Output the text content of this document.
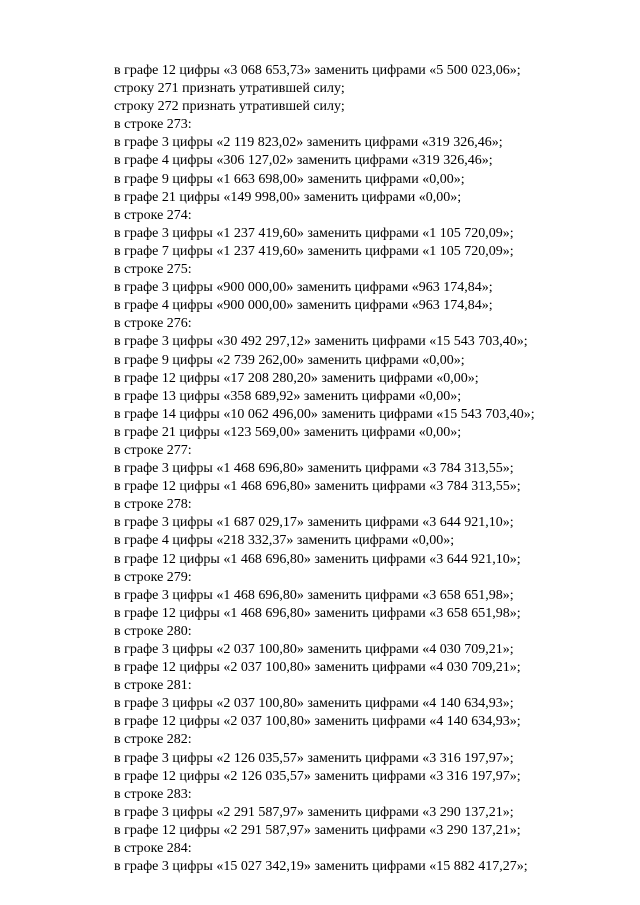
в графе 12 цифры «3 068 653,73» заменить цифрами «5 500 023,06»;
строку 271 признать утратившей силу;
строку 272 признать утратившей силу;
в строке 273:
в графе 3 цифры «2 119 823,02» заменить цифрами «319 326,46»;
в графе 4 цифры «306 127,02» заменить цифрами «319 326,46»;
в графе 9 цифры «1 663 698,00» заменить цифрами «0,00»;
в графе 21 цифры «149 998,00» заменить цифрами «0,00»;
в строке 274:
в графе 3 цифры «1 237 419,60» заменить цифрами «1 105 720,09»;
в графе 7 цифры «1 237 419,60» заменить цифрами «1 105 720,09»;
в строке 275:
в графе 3 цифры «900 000,00» заменить цифрами «963 174,84»;
в графе 4 цифры «900 000,00» заменить цифрами «963 174,84»;
в строке 276:
в графе 3 цифры «30 492 297,12» заменить цифрами «15 543 703,40»;
в графе 9 цифры «2 739 262,00» заменить цифрами «0,00»;
в графе 12 цифры «17 208 280,20» заменить цифрами «0,00»;
в графе 13 цифры «358 689,92» заменить цифрами «0,00»;
в графе 14 цифры «10 062 496,00» заменить цифрами «15 543 703,40»;
в графе 21 цифры «123 569,00» заменить цифрами «0,00»;
в строке 277:
в графе 3 цифры «1 468 696,80» заменить цифрами «3 784 313,55»;
в графе 12 цифры «1 468 696,80» заменить цифрами «3 784 313,55»;
в строке 278:
в графе 3 цифры «1 687 029,17» заменить цифрами «3 644 921,10»;
в графе 4 цифры «218 332,37» заменить цифрами «0,00»;
в графе 12 цифры «1 468 696,80» заменить цифрами «3 644 921,10»;
в строке 279:
в графе 3 цифры «1 468 696,80» заменить цифрами «3 658 651,98»;
в графе 12 цифры «1 468 696,80» заменить цифрами «3 658 651,98»;
в строке 280:
в графе 3 цифры «2 037 100,80» заменить цифрами «4 030 709,21»;
в графе 12 цифры «2 037 100,80» заменить цифрами «4 030 709,21»;
в строке 281:
в графе 3 цифры «2 037 100,80» заменить цифрами «4 140 634,93»;
в графе 12 цифры «2 037 100,80» заменить цифрами «4 140 634,93»;
в строке 282:
в графе 3 цифры «2 126 035,57» заменить цифрами «3 316 197,97»;
в графе 12 цифры «2 126 035,57» заменить цифрами «3 316 197,97»;
в строке 283:
в графе 3 цифры «2 291 587,97» заменить цифрами «3 290 137,21»;
в графе 12 цифры «2 291 587,97» заменить цифрами «3 290 137,21»;
в строке 284:
в графе 3 цифры «15 027 342,19» заменить цифрами «15 882 417,27»;
